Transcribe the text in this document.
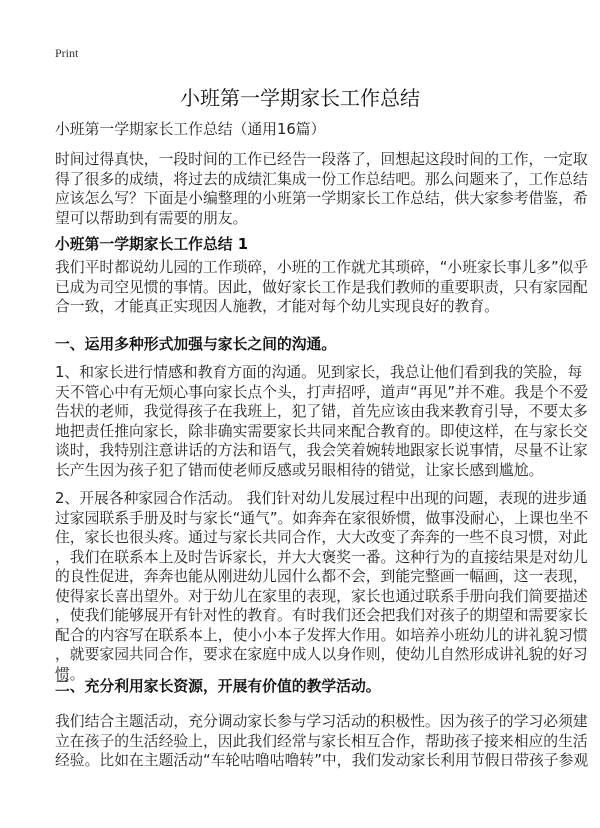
Print
小班第一学期家长工作总结
小班第一学期家长工作总结（通用16篇）
时间过得真快，一段时间的工作已经告一段落了，回想起这段时间的工作，一定取
得了很多的成绩，将过去的成绩汇集成一份工作总结吧。那么问题来了，工作总结
应该怎么写？下面是小编整理的小班第一学期家长工作总结，供大家参考借鉴，希
望可以帮助到有需要的朋友。
小班第一学期家长工作总结 1
我们平时都说幼儿园的工作琐碎，小班的工作就尤其琐碎，“小班家长事儿多”似乎
已成为司空见惯的事情。因此，做好家长工作是我们教师的重要职责，只有家园配
合一致，才能真正实现因人施教，才能对每个幼儿实现良好的教育。
一、运用多种形式加强与家长之间的沟通。
1、和家长进行情感和教育方面的沟通。见到家长，我总让他们看到我的笑脸，每
天不管心中有无烦心事向家长点个头，打声招呼，道声“再见”并不难。我是个不爱
告状的老师，我觉得孩子在我班上，犯了错，首先应该由我来教育引导，不要太多
地把责任推向家长，除非确实需要家长共同来配合教育的。即使这样，在与家长交
谈时，我特别注意讲话的方法和语气，我会笑着婉转地跟家长说事情，尽量不让家
长产生因为孩子犯了错而使老师反感或另眼相待的错觉，让家长感到尴尬。
2、开展各种家园合作活动。 我们针对幼儿发展过程中出现的问题，表现的进步通
过家园联系手册及时与家长“通气”。如奔奔在家很娇惯，做事没耐心，上课也坐不
住，家长也很头疼。通过与家长共同合作，大大改变了奔奔的一些不良习惯，对此
，我们在联系本上及时告诉家长，并大大褒奖一番。这种行为的直接结果是对幼儿
的良性促进，奔奔也能从刚进幼儿园什么都不会，到能完整画一幅画，这一表现，
使得家长喜出望外。对于幼儿在家里的表现，家长也通过联系手册向我们简要描述
，使我们能够展开有针对性的教育。有时我们还会把我们对孩子的期望和需要家长
配合的内容写在联系本上，使小小本子发挥大作用。如培养小班幼儿的讲礼貌习惯
，就要家园共同合作，要求在家庭中成人以身作则，使幼儿自然形成讲礼貌的好习
惯。
二、充分利用家长资源，开展有价值的教学活动。
我们结合主题活动，充分调动家长参与学习活动的积极性。因为孩子的学习必须建
立在孩子的生活经验上，因此我们经常与家长相互合作，帮助孩子接来相应的生活
经验。比如在主题活动“车轮咕噜咕噜转”中，我们发动家长利用节假日带孩子参观
